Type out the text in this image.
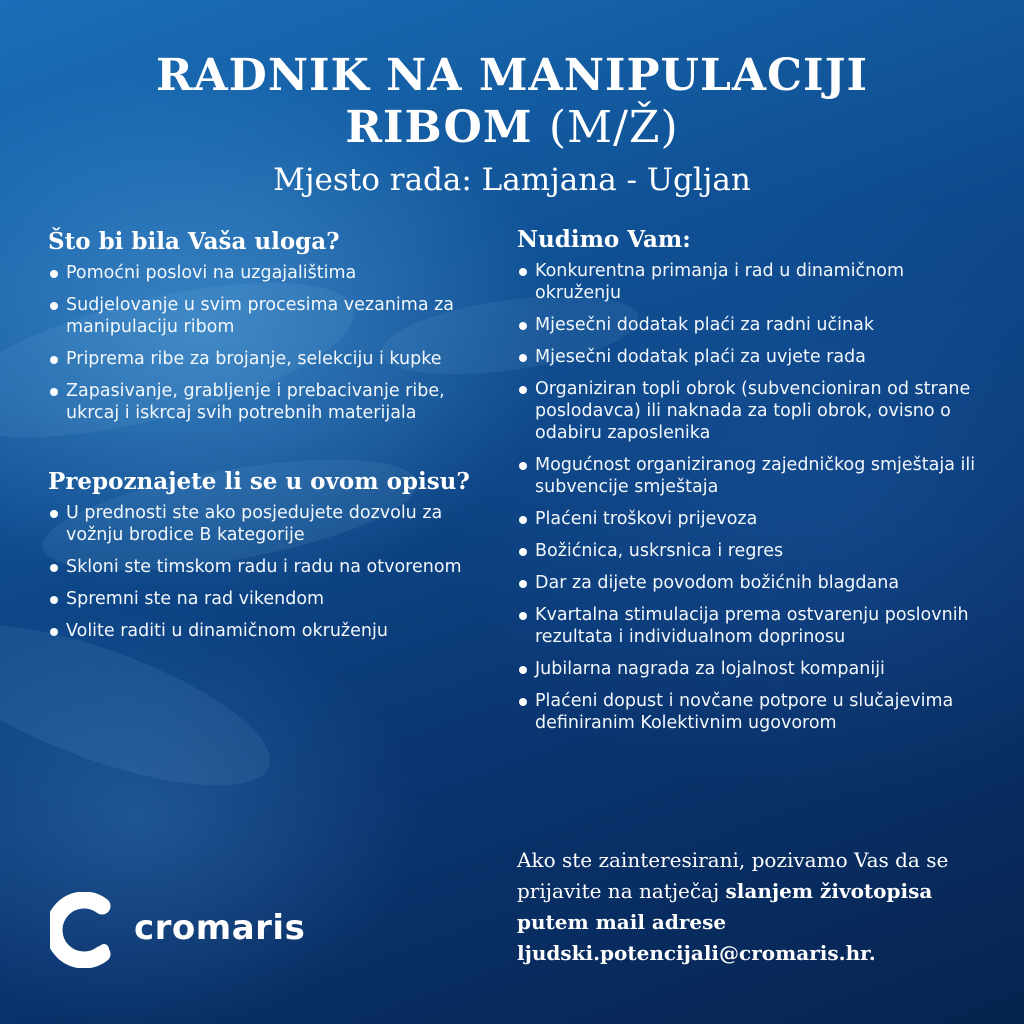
RADNIK NA MANIPULACIJI
RIBOM (M/Ž)

Mjesto rada: Lamjana - Ugljan

Što bi bila Vaša uloga?
Pomoćni poslovi na uzgajalištima
Sudjelovanje u svim procesima vezanima za manipulaciju ribom
Priprema ribe za brojanje, selekciju i kupke
Zapasivanje, grabljenje i prebacivanje ribe, ukrcaj i iskrcaj svih potrebnih materijala
Prepoznajete li se u ovom opisu?
U prednosti ste ako posjedujete dozvolu za vožnju brodice B kategorije
Skloni ste timskom radu i radu na otvorenom
Spremni ste na rad vikendom
Volite raditi u dinamičnom okruženju
Nudimo Vam:
Konkurentna primanja i rad u dinamičnom okruženju
Mjesečni dodatak plaći za radni učinak
Mjesečni dodatak plaći za uvjete rada
Organiziran topli obrok (subvencioniran od strane poslodavca) ili naknada za topli obrok, ovisno o odabiru zaposlenika
Mogućnost organiziranog zajedničkog smještaja ili subvencije smještaja
Plaćeni troškovi prijevoza
Božićnica, uskrsnica i regres
Dar za dijete povodom božićnih blagdana
Kvartalna stimulacija prema ostvarenju poslovnih rezultata i individualnom doprinosu
Jubilarna nagrada za lojalnost kompaniji
Plaćeni dopust i novčane potpore u slučajevima definiranim Kolektivnim ugovorom
Ako ste zainteresirani, pozivamo Vas da se prijavite na natječaj slanjem životopisa putem mail adrese ljudski.potencijali@cromaris.hr.
cromaris
